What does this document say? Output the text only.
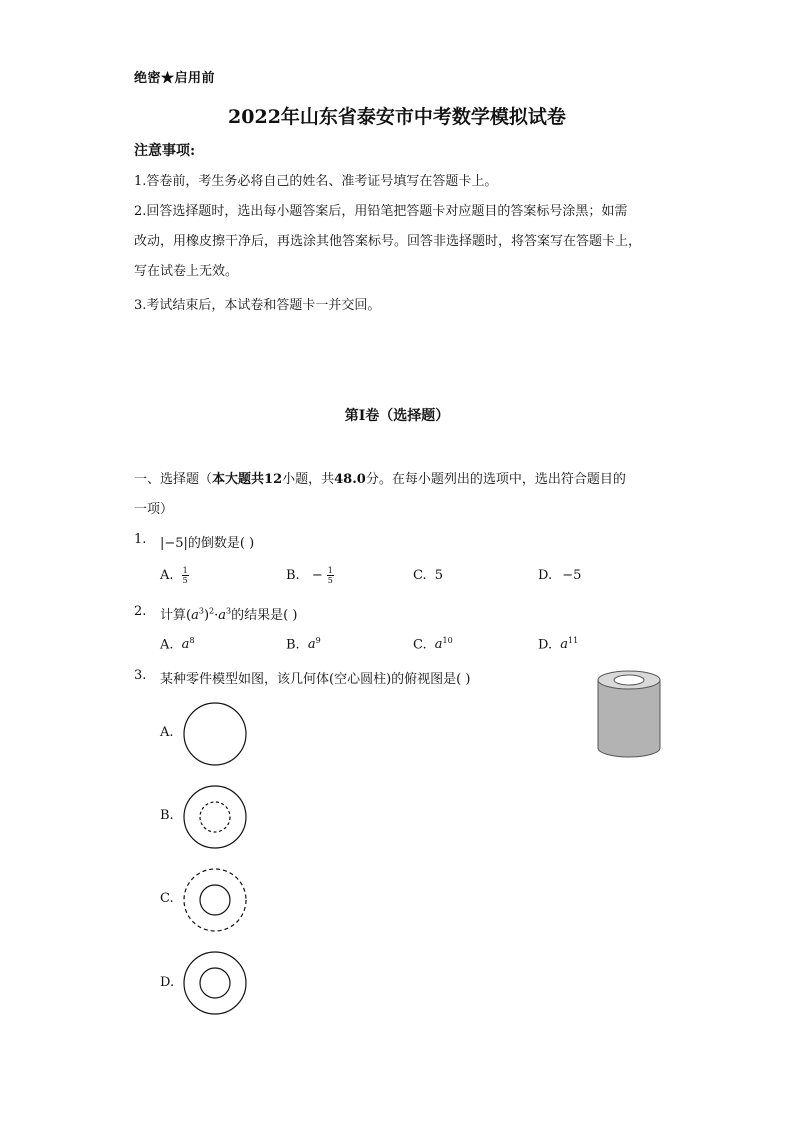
绝密★启用前
2022年山东省泰安市中考数学模拟试卷
注意事项:
1.答卷前，考生务必将自己的姓名、准考证号填写在答题卡上。
2.回答选择题时，选出每小题答案后，用铅笔把答题卡对应题目的答案标号涂黑；如需
改动，用橡皮擦干净后，再选涂其他答案标号。回答非选择题时，将答案写在答题卡上，
写在试卷上无效。
3.考试结束后，本试卷和答题卡一并交回。
第I卷（选择题）
一、选择题（本大题共12小题，共48.0分。在每小题列出的选项中，选出符合题目的
一项）
1. |−5|的倒数是( )
A. $\frac{1}{5}$	B. − $\frac{1}{5}$	C. 5	D. −5
2. 计算$(a^3)^2\cdot a^3$的结果是( )
A. $a^8$	B. $a^9$	C. $a^{10}$	D. $a^{11}$
3. 某种零件模型如图，该几何体(空心圆柱)的俯视图是( )
A.
B.
C.
D.
